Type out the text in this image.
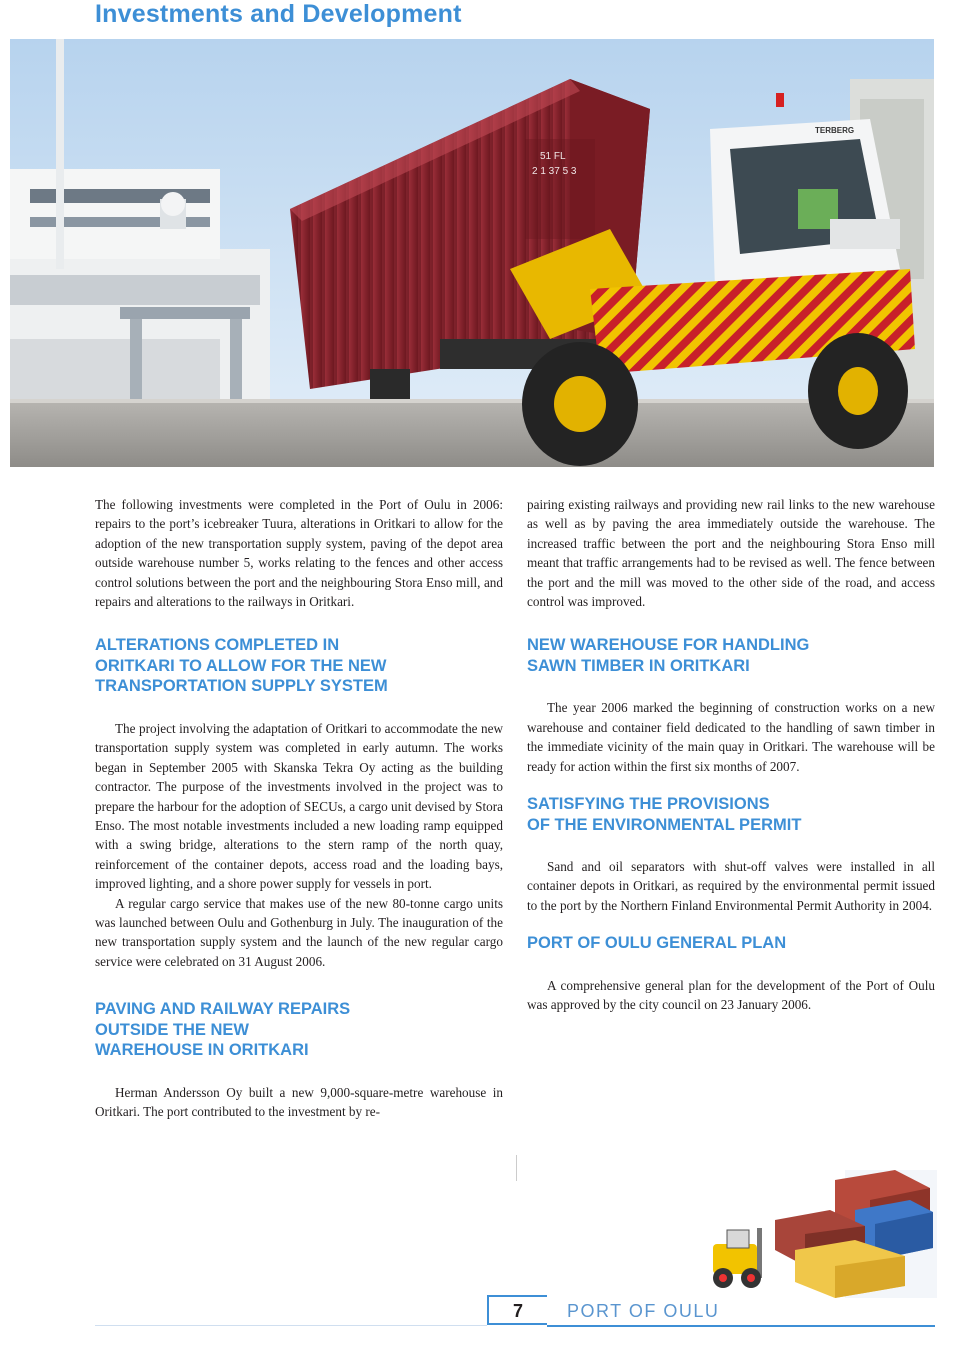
Investments and Development
51 FL
2 1 37 5 3
TERBERG

The following investments were completed in the Port of Oulu in 2006: repairs to the port’s icebreaker Tuura, alterations in Oritkari to allow for the adoption of the new transportation supply system, paving of the depot area outside warehouse number 5, works relating to the fences and other access control solutions between the port and the neighbouring Stora Enso mill, and repairs and alterations to the railways in Oritkari.

ALTERATIONS COMPLETED IN
ORITKARI TO ALLOW FOR THE NEW
TRANSPORTATION SUPPLY SYSTEM

The project involving the adaptation of Oritkari to accommodate the new transportation supply system was completed in early autumn. The works began in September 2005 with Skanska Tekra Oy acting as the building contractor. The purpose of the investments involved in the project was to prepare the harbour for the adoption of SECUs, a cargo unit devised by Stora Enso. The most notable investments included a new loading ramp equipped with a swing bridge, alterations to the stern ramp of the north quay, reinforcement of the container depots, access road and the loading bays, improved lighting, and a shore power supply for vessels in port.

A regular cargo service that makes use of the new 80-tonne cargo units was launched between Oulu and Gothenburg in July. The inauguration of the new transportation supply system and the launch of the new regular cargo service were celebrated on 31 August 2006.

PAVING AND RAILWAY REPAIRS
OUTSIDE THE NEW
WAREHOUSE IN ORITKARI

Herman Andersson Oy built a new 9,000-square-metre warehouse in Oritkari. The port contributed to the investment by re-

pairing existing railways and providing new rail links to the new warehouse as well as by paving the area immediately outside the warehouse. The increased traffic between the port and the neighbouring Stora Enso mill meant that traffic arrangements had to be revised as well. The fence between the port and the mill was moved to the other side of the road, and access control was improved.

NEW WAREHOUSE FOR HANDLING
SAWN TIMBER IN ORITKARI

The year 2006 marked the beginning of construction works on a new warehouse and container field dedicated to the handling of sawn timber in the immediate vicinity of the main quay in Oritkari. The warehouse will be ready for action within the first six months of 2007.

SATISFYING THE PROVISIONS
OF THE ENVIRONMENTAL PERMIT

Sand and oil separators with shut-off valves were installed in all container depots in Oritkari, as required by the environmental permit issued to the port by the Northern Finland Environmental Permit Authority in 2004.

PORT OF OULU GENERAL PLAN

A comprehensive general plan for the development of the Port of Oulu was approved by the city council on 23 January 2006.

7	PORT OF OULU
